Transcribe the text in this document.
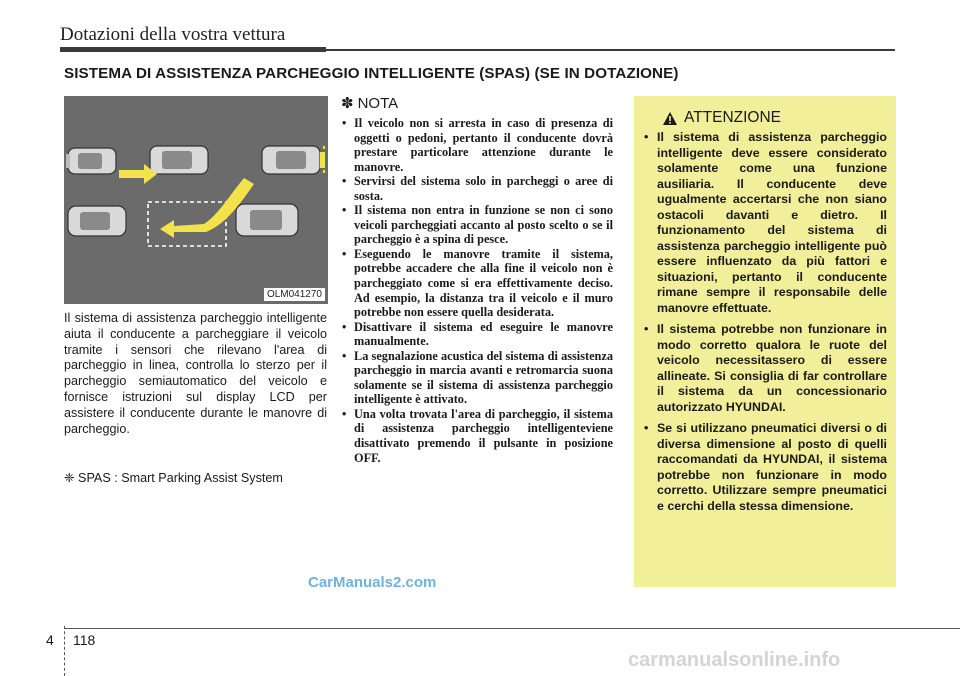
Dotazioni della vostra vettura
SISTEMA DI ASSISTENZA PARCHEGGIO INTELLIGENTE (SPAS) (SE IN DOTAZIONE)
OLM041270

Il sistema di assistenza parcheggio intelligente aiuta il conducente a parcheggiare il veicolo tramite i sensori che rilevano l'area di parcheggio in linea, controlla lo sterzo per il parcheggio semiautomatico del veicolo e fornisce istruzioni sul display LCD per assistere il conducente durante le manovre di parcheggio.

❈ SPAS : Smart Parking Assist System

✽ NOTA
• Il veicolo non si arresta in caso di presenza di oggetti o pedoni, pertanto il conducente dovrà prestare particolare attenzione durante le manovre.
• Servirsi del sistema solo in parcheggi o aree di sosta.
• Il sistema non entra in funzione se non ci sono veicoli parcheggiati accanto al posto scelto o se il parcheggio è a spina di pesce.
• Eseguendo le manovre tramite il sistema, potrebbe accadere che alla fine il veicolo non è parcheggiato come si era effettivamente deciso. Ad esempio, la distanza tra il veicolo e il muro potrebbe non essere quella desiderata.
• Disattivare il sistema ed eseguire le manovre manualmente.
• La segnalazione acustica del sistema di assistenza parcheggio in marcia avanti e retromarcia suona solamente se il sistema di assistenza parcheggio intelligente è attivato.
• Una volta trovata l'area di parcheggio, il sistema di assistenza parcheggio intelligenteviene disattivato premendo il pulsante in posizione OFF.
ATTENZIONE
• Il sistema di assistenza parcheggio intelligente deve essere considerato solamente come una funzione ausiliaria. Il conducente deve ugualmente accertarsi che non siano ostacoli davanti e dietro. Il funzionamento del sistema di assistenza parcheggio intelligente può essere influenzato da più fattori e situazioni, pertanto il conducente rimane sempre il responsabile delle manovre effettuate.
• Il sistema potrebbe non funzionare in modo corretto qualora le ruote del veicolo necessitassero di essere allineate. Si consiglia di far controllare il sistema da un concessionario autorizzato HYUNDAI.
• Se si utilizzano pneumatici diversi o di diversa dimensione al posto di quelli raccomandati da HYUNDAI, il sistema potrebbe non funzionare in modo corretto. Utilizzare sempre pneumatici e cerchi della stessa dimensione.
CarManuals2.com
4 118
carmanualsonline.info
